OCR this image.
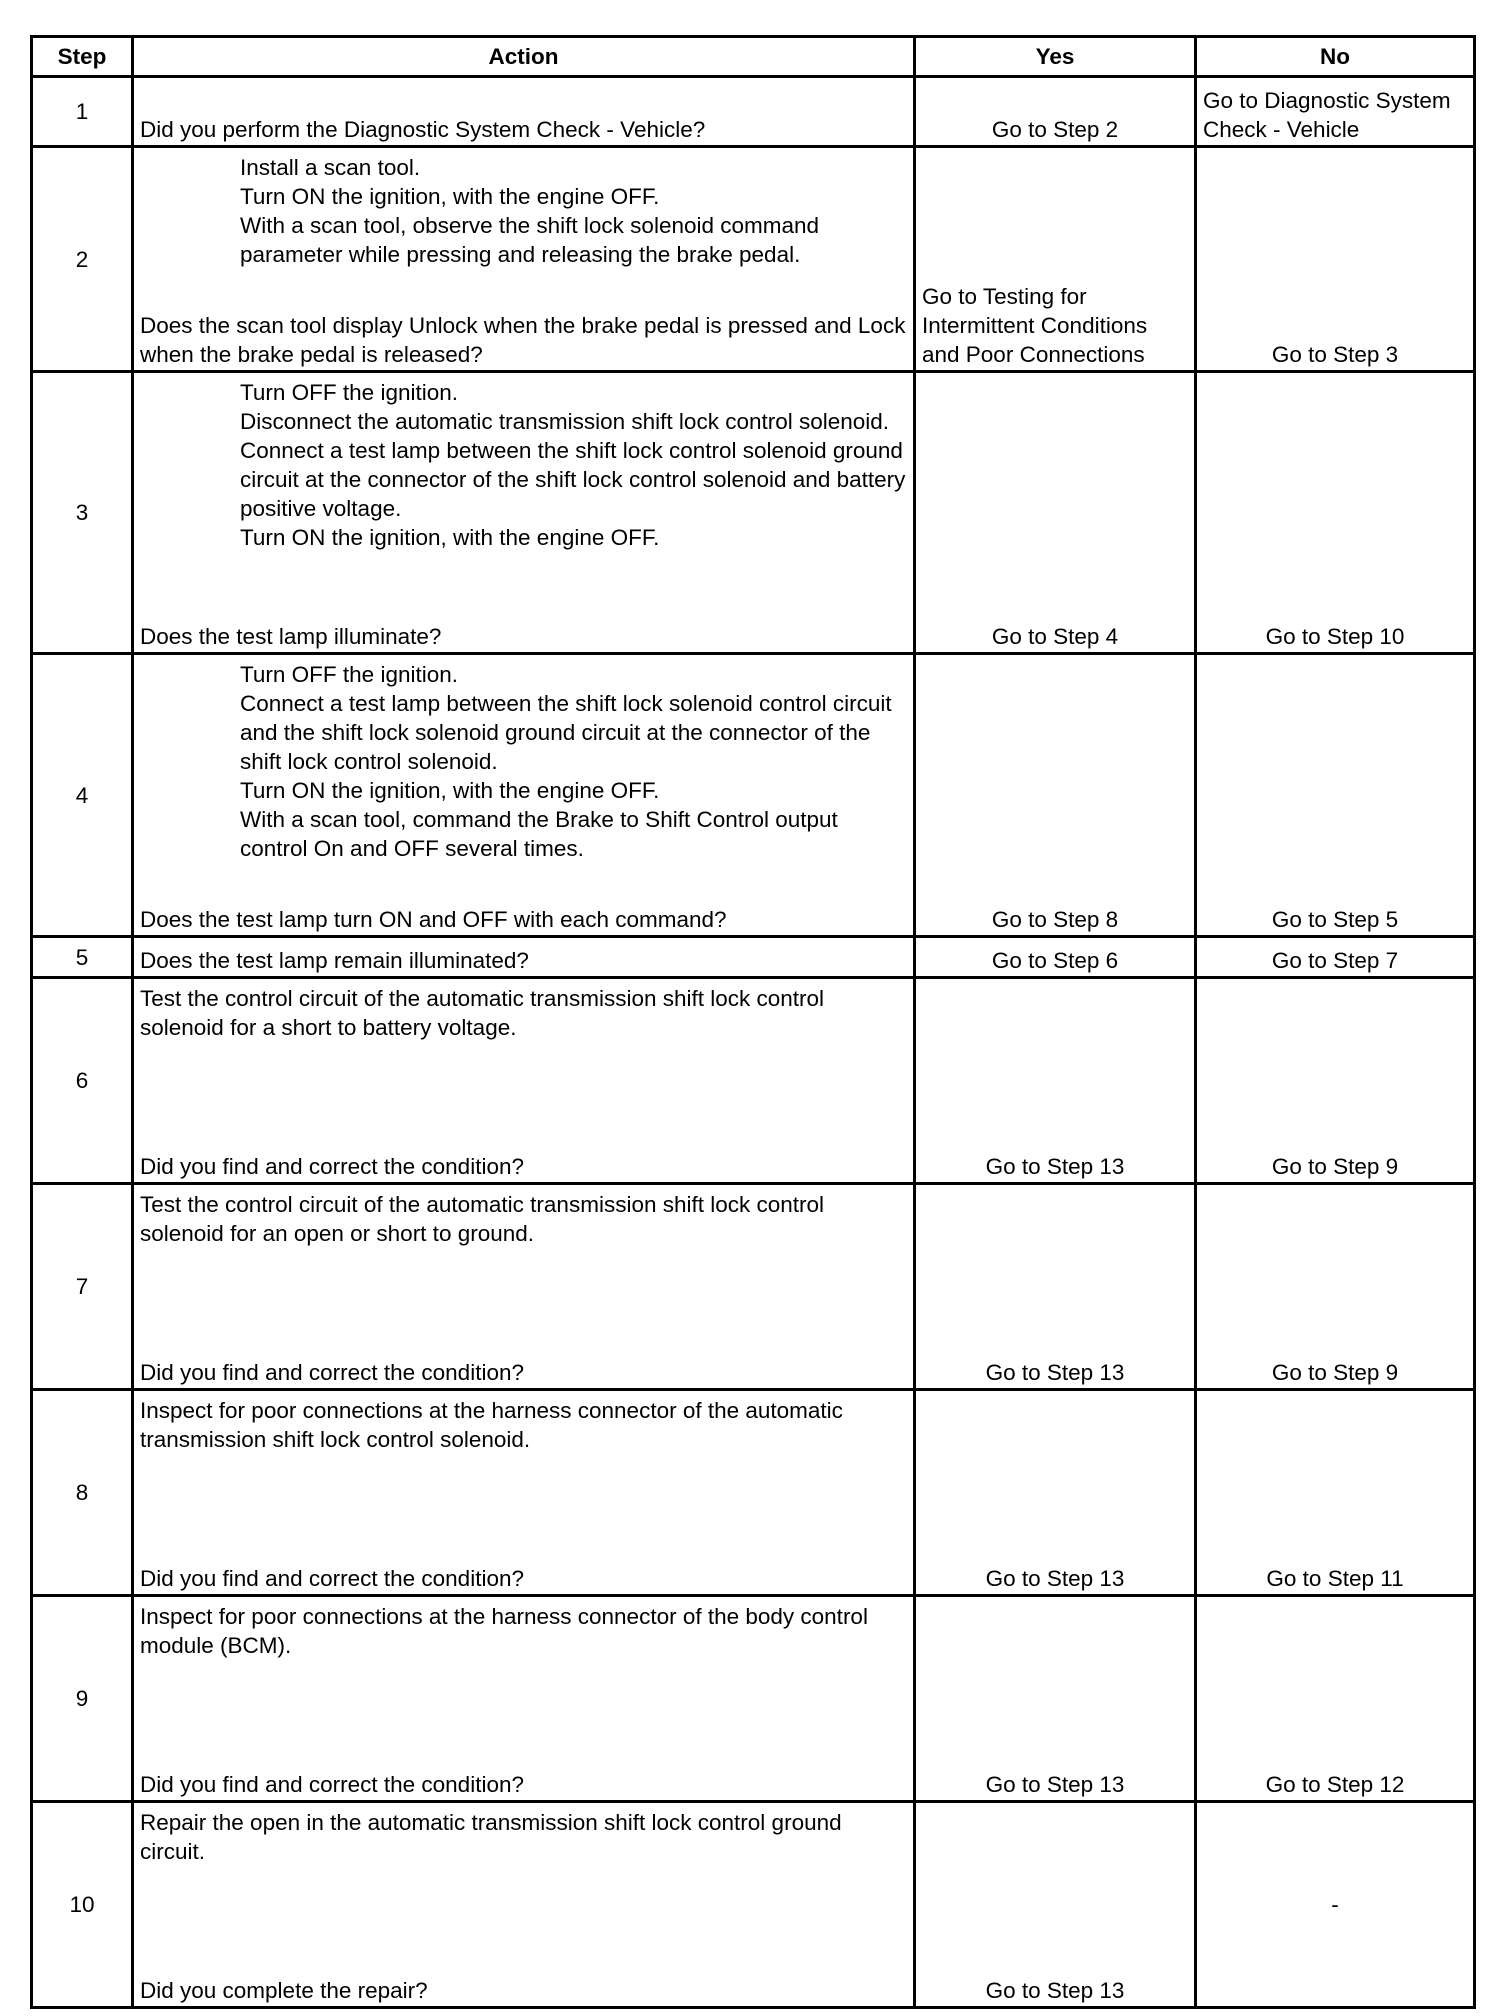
Step	Action	Yes	No
1	Did you perform the Diagnostic System Check - Vehicle?	Go to Step 2	Go to Diagnostic System Check - Vehicle
2	Install a scan tool.
Turn ON the ignition, with the engine OFF.
With a scan tool, observe the shift lock solenoid command parameter while pressing and releasing the brake pedal.
Does the scan tool display Unlock when the brake pedal is pressed and Lock when the brake pedal is released?	Go to Testing for Intermittent Conditions and Poor Connections	Go to Step 3
3	Turn OFF the ignition.
Disconnect the automatic transmission shift lock control solenoid.
Connect a test lamp between the shift lock control solenoid ground circuit at the connector of the shift lock control solenoid and battery positive voltage.
Turn ON the ignition, with the engine OFF.
Does the test lamp illuminate?	Go to Step 4	Go to Step 10
4	Turn OFF the ignition.
Connect a test lamp between the shift lock solenoid control circuit and the shift lock solenoid ground circuit at the connector of the shift lock control solenoid.
Turn ON the ignition, with the engine OFF.
With a scan tool, command the Brake to Shift Control output control On and OFF several times.
Does the test lamp turn ON and OFF with each command?	Go to Step 8	Go to Step 5
5	Does the test lamp remain illuminated?	Go to Step 6	Go to Step 7
6	Test the control circuit of the automatic transmission shift lock control solenoid for a short to battery voltage.
Did you find and correct the condition?	Go to Step 13	Go to Step 9
7	Test the control circuit of the automatic transmission shift lock control solenoid for an open or short to ground.
Did you find and correct the condition?	Go to Step 13	Go to Step 9
8	Inspect for poor connections at the harness connector of the automatic transmission shift lock control solenoid.
Did you find and correct the condition?	Go to Step 13	Go to Step 11
9	Inspect for poor connections at the harness connector of the body control module (BCM).
Did you find and correct the condition?	Go to Step 13	Go to Step 12
10	Repair the open in the automatic transmission shift lock control ground circuit.
Did you complete the repair?	Go to Step 13	-
